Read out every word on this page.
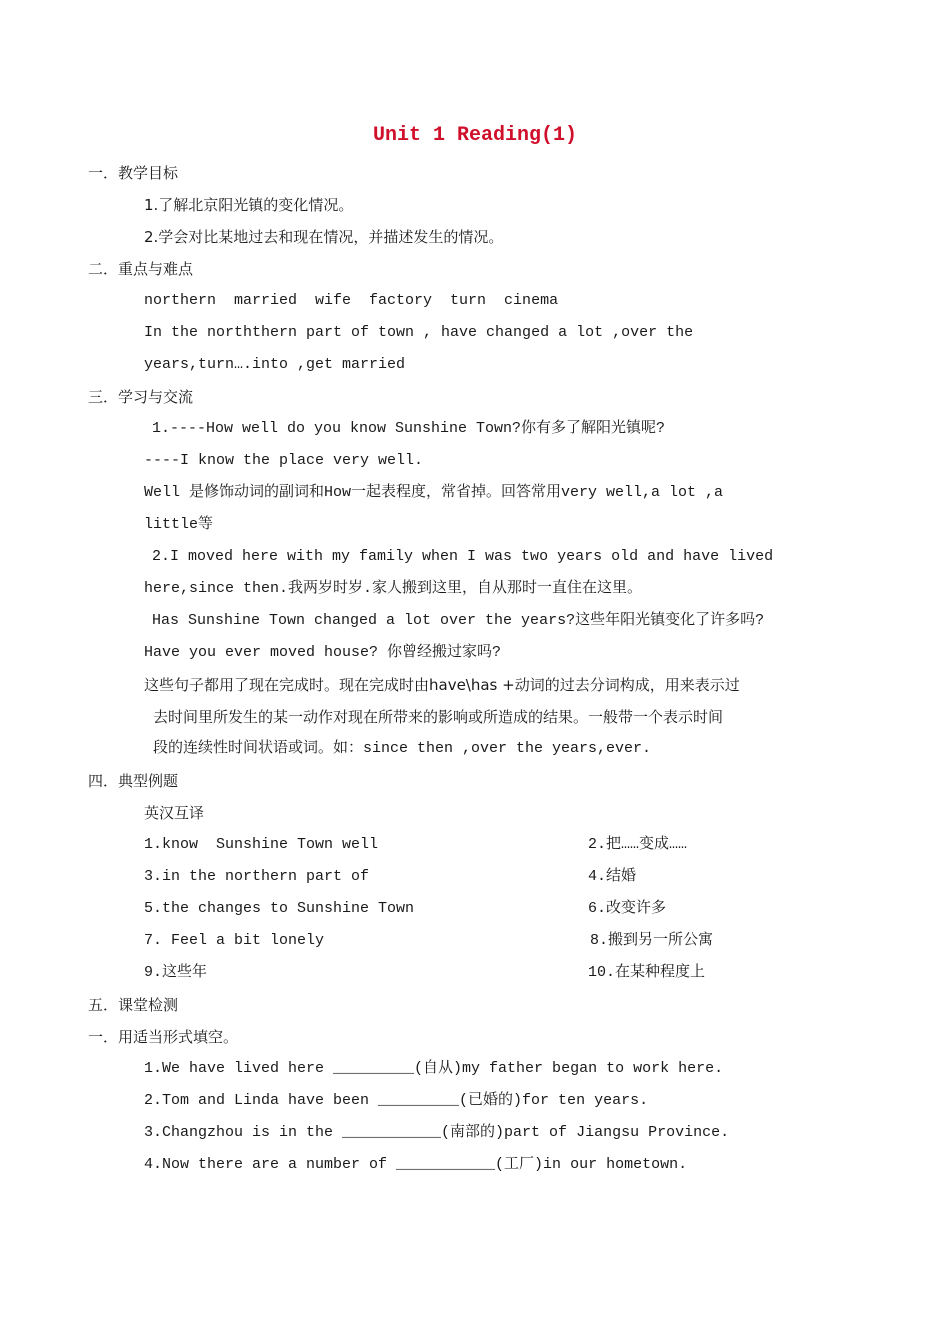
Unit 1 Reading(1)
一．教学目标
1.了解北京阳光镇的变化情况。
2.学会对比某地过去和现在情况，并描述发生的情况。
二．重点与难点
northern  married  wife  factory  turn  cinema
In the norththern part of town , have changed a lot ,over the
years,turn….into ,get married
三．学习与交流
1.----How well do you know Sunshine Town?你有多了解阳光镇呢?
----I know the place very well.
Well 是修饰动词的副词和How一起表程度，常省掉。回答常用very well,a lot ,a
little等
2.I moved here with my family when I was two years old and have lived
here,since then.我两岁时岁.家人搬到这里，自从那时一直住在这里。
Has Sunshine Town changed a lot over the years?这些年阳光镇变化了许多吗?
Have you ever moved house? 你曾经搬过家吗?
这些句子都用了现在完成时。现在完成时由have\has +动词的过去分词构成，用来表示过
去时间里所发生的某一动作对现在所带来的影响或所造成的结果。一般带一个表示时间
段的连续性时间状语或词。如：since then ,over the years,ever.
四．典型例题
英汉互译
1.know  Sunshine Town well	2.把……变成……
3.in the northern part of	4.结婚
5.the changes to Sunshine Town	6.改变许多
7. Feel a bit lonely	8.搬到另一所公寓
9.这些年	10.在某种程度上
五．课堂检测
一．用适当形式填空。
1.We have lived here _________(自从)my father began to work here.
2.Tom and Linda have been _________(已婚的)for ten years.
3.Changzhou is in the ___________(南部的)part of Jiangsu Province.
4.Now there are a number of ___________(工厂)in our hometown.
